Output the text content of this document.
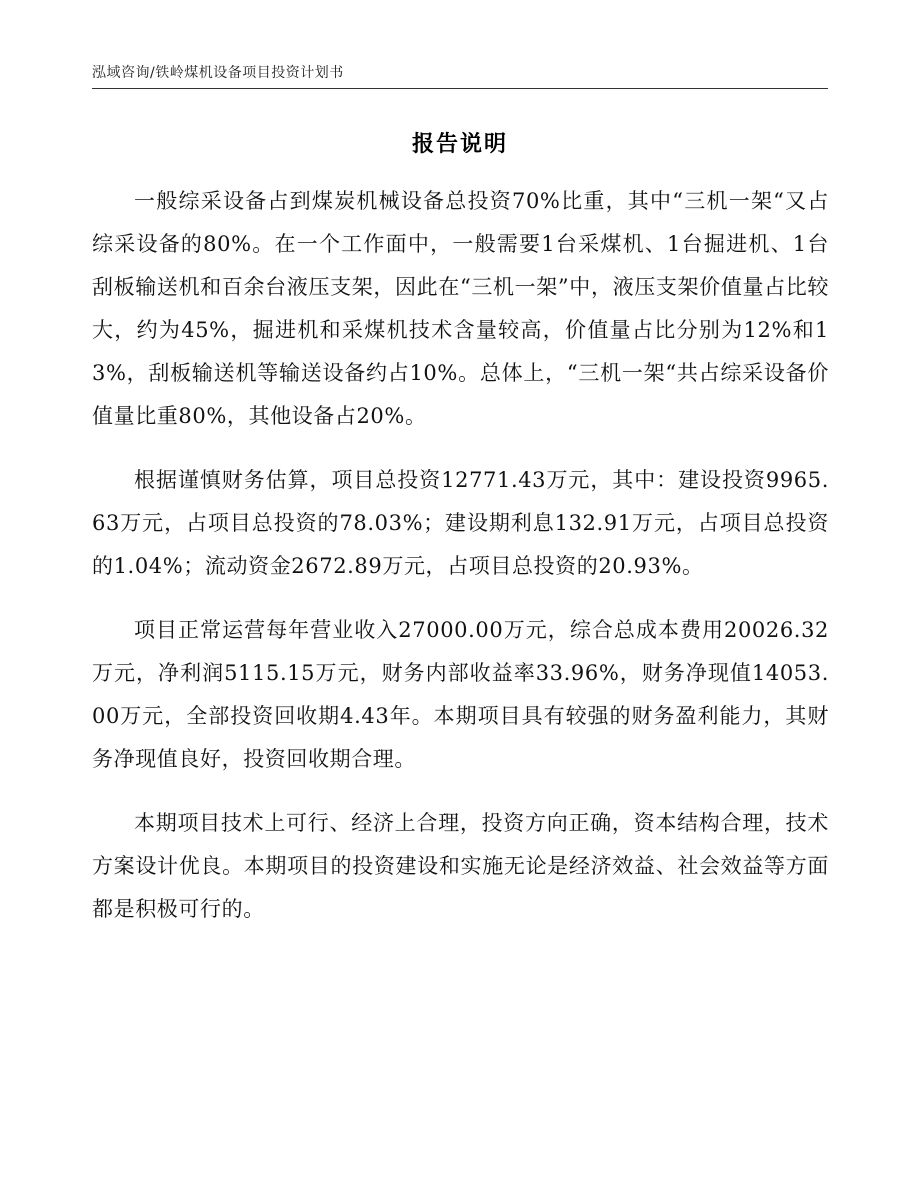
泓域咨询/铁岭煤机设备项目投资计划书
报告说明

一般综采设备占到煤炭机械设备总投资70%比重，其中“三机一架“又占综采设备的80%。在一个工作面中，一般需要1台采煤机、1台掘进机、1台刮板输送机和百余台液压支架，因此在“三机一架”中，液压支架价值量占比较大，约为45%，掘进机和采煤机技术含量较高，价值量占比分别为12%和13%，刮板输送机等输送设备约占10%。总体上，“三机一架“共占综采设备价值量比重80%，其他设备占20%。

根据谨慎财务估算，项目总投资12771.43万元，其中：建设投资9965.63万元，占项目总投资的78.03%；建设期利息132.91万元，占项目总投资的1.04%；流动资金2672.89万元，占项目总投资的20.93%。

项目正常运营每年营业收入27000.00万元，综合总成本费用20026.32万元，净利润5115.15万元，财务内部收益率33.96%，财务净现值14053.00万元，全部投资回收期4.43年。本期项目具有较强的财务盈利能力，其财务净现值良好，投资回收期合理。

本期项目技术上可行、经济上合理，投资方向正确，资本结构合理，技术方案设计优良。本期项目的投资建设和实施无论是经济效益、社会效益等方面都是积极可行的。
